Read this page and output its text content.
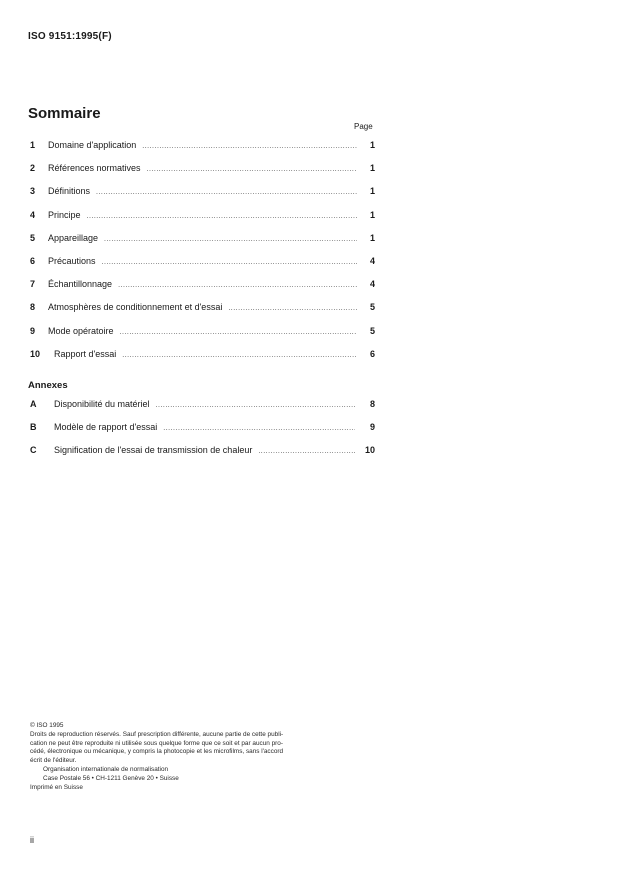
ISO 9151:1995(F)
Sommaire
Page
1	Domaine d'application .....	1
2	Références normatives .....	1
3	Définitions .....	1
4	Principe .....	1
5	Appareillage .....	1
6	Précautions .....	4
7	Échantillonnage .....	4
8	Atmosphères de conditionnement et d'essai .....	5
9	Mode opératoire .....	5
10	Rapport d'essai .....	6
Annexes
A	Disponibilité du matériel .....	8
B	Modèle de rapport d'essai .....	9
C	Signification de l'essai de transmission de chaleur .....	10

© ISO 1995

Droits de reproduction réservés. Sauf prescription différente, aucune partie de cette publi-

cation ne peut être reproduite ni utilisée sous quelque forme que ce soit et par aucun pro-

cédé, électronique ou mécanique, y compris la photocopie et les microfilms, sans l'accord

écrit de l'éditeur.

Organisation internationale de normalisation

Case Postale 56 • CH-1211 Genève 20 • Suisse

Imprimé en Suisse

ii
